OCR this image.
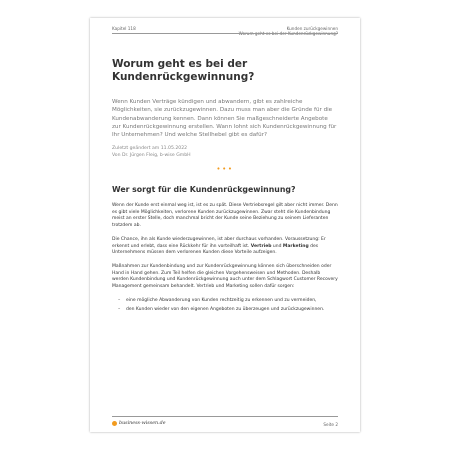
Kapitel 118	Kunden zurückgewinnen
Worum geht es bei der Kundenrückgewinnung?
Worum geht es bei der Kundenrückgewinnung?
Wenn Kunden Verträge kündigen und abwandern, gibt es zahlreiche Möglichkeiten, sie zurückzugewinnen. Dazu muss man aber die Gründe für die Kundenabwanderung kennen. Dann können Sie maßgeschneiderte Angebote zur Kundenrückgewinnung erstellen. Wann lohnt sich Kundenrückgewinnung für Ihr Unternehmen? Und welche Stellhebel gibt es dafür?
Zuletzt geändert am 11.05.2022
Von Dr. Jürgen Fleig, b-wise GmbH
•••
Wer sorgt für die Kundenrückgewinnung?
Wenn der Kunde erst einmal weg ist, ist es zu spät. Diese Vertriebsregel gilt aber nicht immer. Denn es gibt viele Möglichkeiten, verlorene Kunden zurückzugewinnen. Zwar steht die Kundenbindung meist an erster Stelle, doch manchmal bricht der Kunde seine Beziehung zu seinem Lieferanten trotzdem ab.
Die Chance, ihn als Kunde wiederzugewinnen, ist aber durchaus vorhanden. Voraussetzung: Er erkennt und erlebt, dass eine Rückkehr für ihn vorteilhaft ist. Vertrieb und Marketing des Unternehmens müssen dem verlorenen Kunden diese Vorteile aufzeigen.
Maßnahmen zur Kundenbindung und zur Kundenrückgewinnung können sich überschneiden oder Hand in Hand gehen. Zum Teil helfen die gleichen Vorgehensweisen und Methoden. Deshalb werden Kundenbindung und Kundenrückgewinnung auch unter dem Schlagwort Customer Recovery Management gemeinsam behandelt. Vertrieb und Marketing sollen dafür sorgen:
– eine mögliche Abwanderung von Kunden rechtzeitig zu erkennen und zu vermeiden,
– den Kunden wieder von den eigenen Angeboten zu überzeugen und zurückzugewinnen.
business-wissen.de	Seite 2
